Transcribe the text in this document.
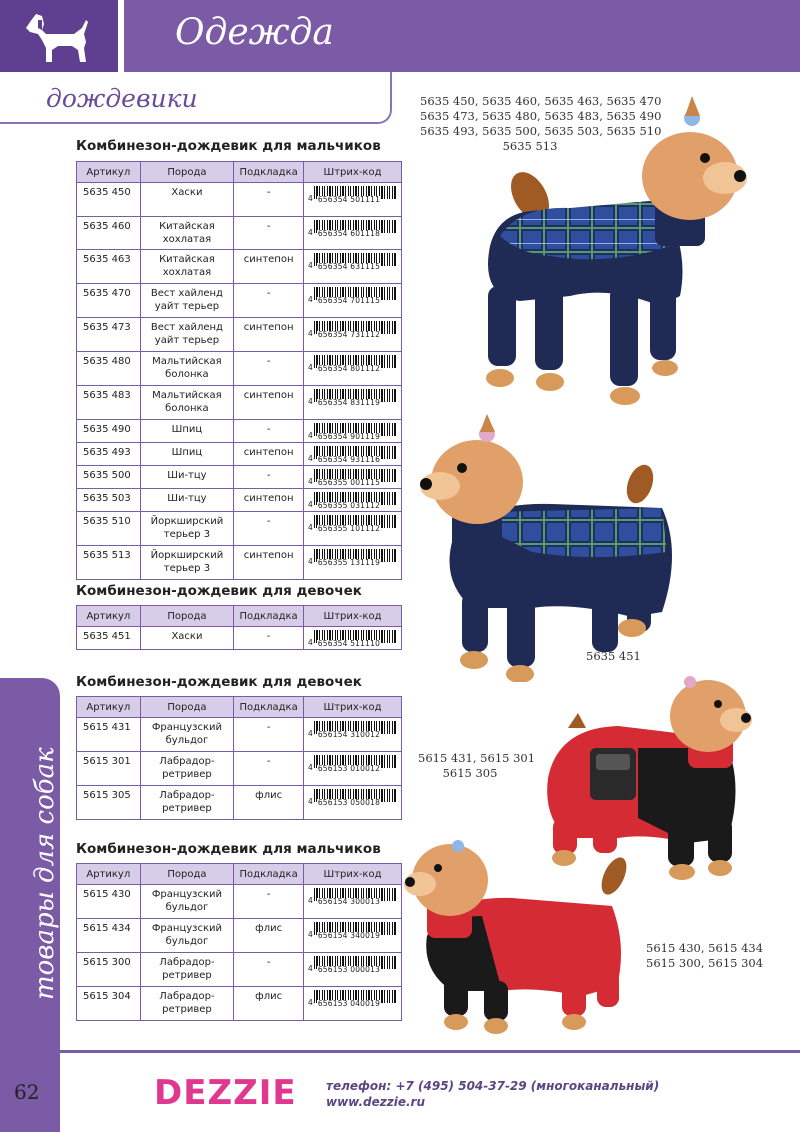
Одежда
дождевики
товары для собак
Комбинезон-дождевик для мальчиков
Комбинезон-дождевик для девочек
Комбинезон-дождевик для девочек
Комбинезон-дождевик для мальчиков
Артикул	Порода	Подкладка	Штрих-код
5635 450	Хаски	-	4 656354 501111

5635 460	Китайская хохлатая	-	4 656354 601118

5635 463	Китайская хохлатая	синтепон	4 656354 631115

5635 470	Вест хайленд уайт терьер	-	4 656354 701115

5635 473	Вест хайленд уайт терьер	синтепон	4 656354 731112

5635 480	Мальтийская болонка	-	4 656354 801112

5635 483	Мальтийская болонка	синтепон	4 656354 831119

5635 490	Шпиц	-	4 656354 901119

5635 493	Шпиц	синтепон	4 656354 931116

5635 500	Ши-тцу	-	4 656355 001115

5635 503	Ши-тцу	синтепон	4 656355 031112

5635 510	Йоркширский терьер 3	-	4 656355 101112

5635 513	Йоркширский терьер 3	синтепон	4 656355 131119
Артикул	Порода	Подкладка	Штрих-код
5635 451	Хаски	-	4 656354 511110
Артикул	Порода	Подкладка	Штрих-код
5615 431	Французский бульдог	-	4 656154 310012

5615 301	Лабрадор-ретривер	-	4 656153 010012

5615 305	Лабрадор-ретривер	флис	4 656153 050018
Артикул	Порода	Подкладка	Штрих-код
5615 430	Французский бульдог	-	4 656154 300013

5615 434	Французский бульдог	флис	4 656154 340019

5615 300	Лабрадор-ретривер	-	4 656153 000013

5615 304	Лабрадор-ретривер	флис	4 656153 040019
5635 450, 5635 460, 5635 463, 5635 470
5635 473, 5635 480, 5635 483, 5635 490
5635 493, 5635 500, 5635 503, 5635 510
5635 513
5635 451
5615 431, 5615 301
5615 305
5615 430, 5615 434
5615 300, 5615 304
62	DEZZIE телефон: +7 (495) 504-37-29 (многоканальный)
www.dezzie.ru
